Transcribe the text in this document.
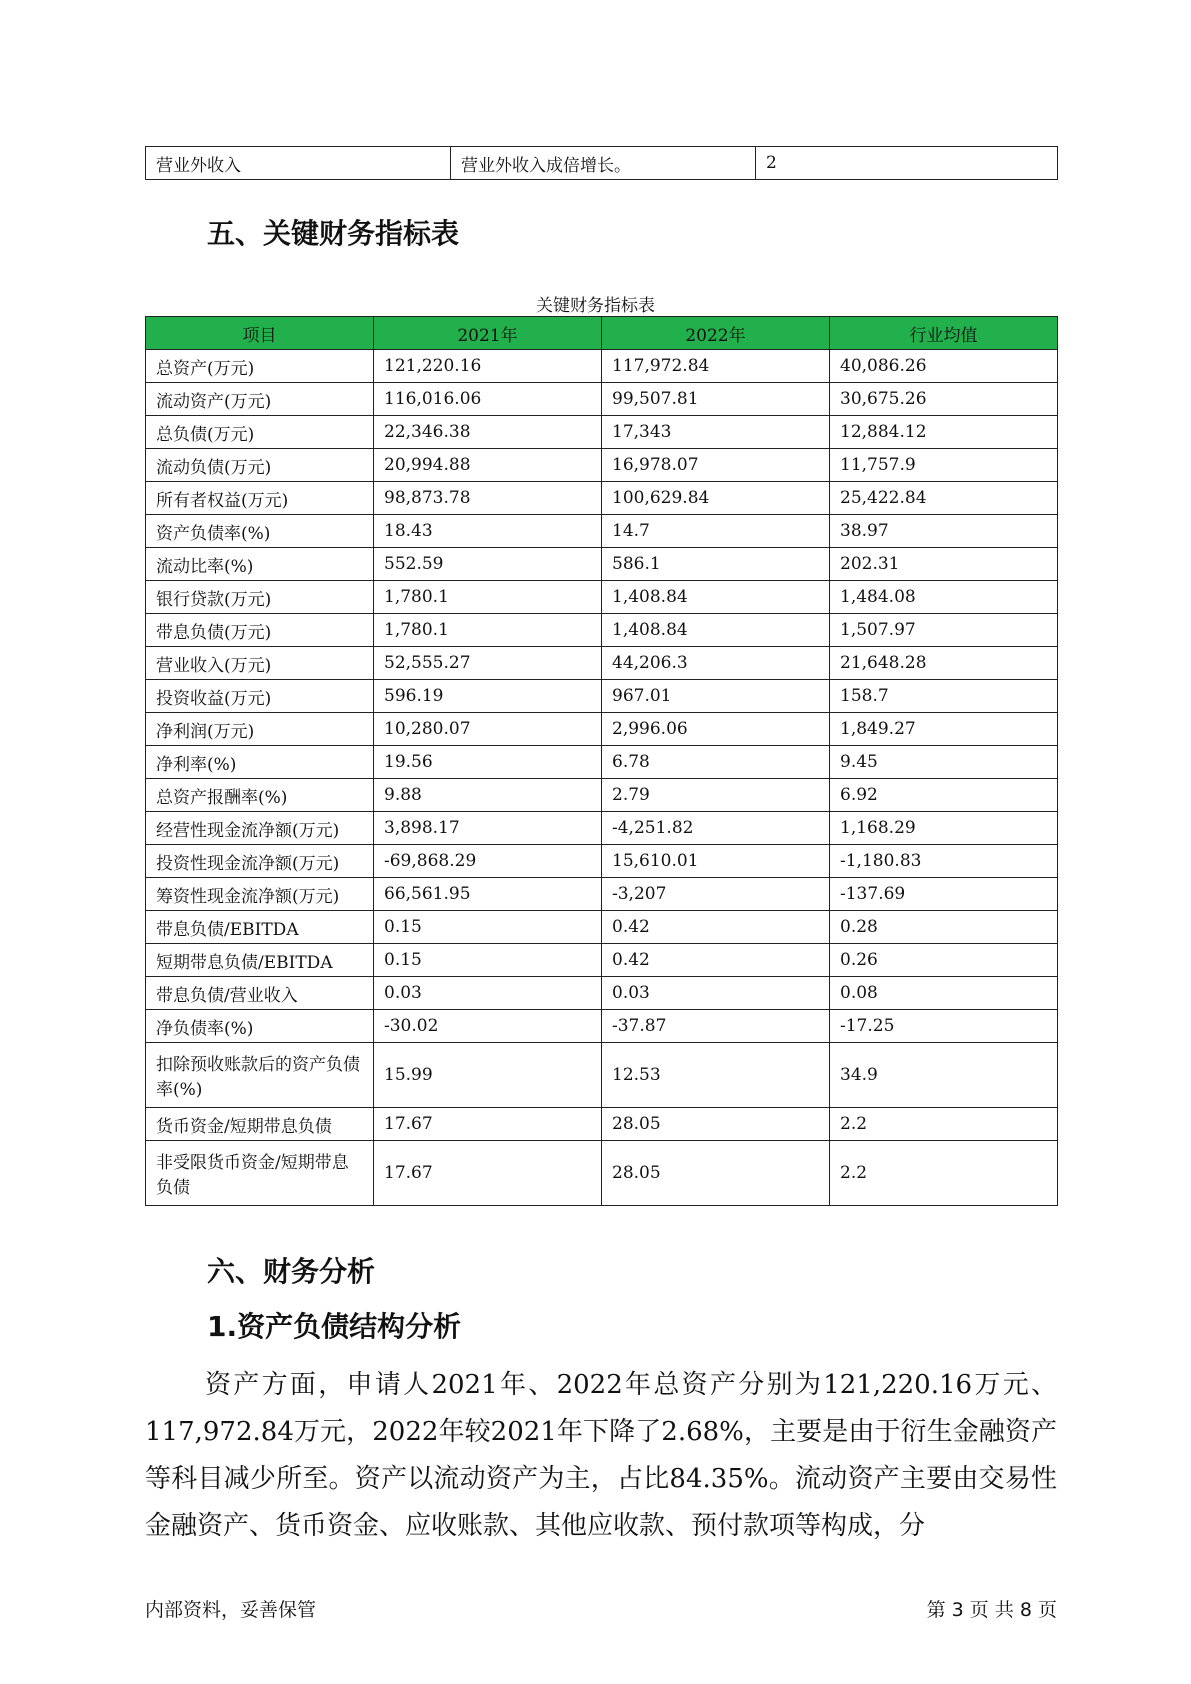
营业外收入	营业外收入成倍增长。	2
五、关键财务指标表
关键财务指标表
项目	2021年	2022年	行业均值
总资产(万元)	121,220.16	117,972.84	40,086.26
流动资产(万元)	116,016.06	99,507.81	30,675.26
总负债(万元)	22,346.38	17,343	12,884.12
流动负债(万元)	20,994.88	16,978.07	11,757.9
所有者权益(万元)	98,873.78	100,629.84	25,422.84
资产负债率(%)	18.43	14.7	38.97
流动比率(%)	552.59	586.1	202.31
银行贷款(万元)	1,780.1	1,408.84	1,484.08
带息负债(万元)	1,780.1	1,408.84	1,507.97
营业收入(万元)	52,555.27	44,206.3	21,648.28
投资收益(万元)	596.19	967.01	158.7
净利润(万元)	10,280.07	2,996.06	1,849.27
净利率(%)	19.56	6.78	9.45
总资产报酬率(%)	9.88	2.79	6.92
经营性现金流净额(万元)	3,898.17	-4,251.82	1,168.29
投资性现金流净额(万元)	-69,868.29	15,610.01	-1,180.83
筹资性现金流净额(万元)	66,561.95	-3,207	-137.69
带息负债/EBITDA	0.15	0.42	0.28
短期带息负债/EBITDA	0.15	0.42	0.26
带息负债/营业收入	0.03	0.03	0.08
净负债率(%)	-30.02	-37.87	-17.25
扣除预收账款后的资产负债率(%)	15.99	12.53	34.9
货币资金/短期带息负债	17.67	28.05	2.2
非受限货币资金/短期带息负债	17.67	28.05	2.2
六、财务分析
1.资产负债结构分析

资产方面，申请人2021年、2022年总资产分别为121,220.16万元、117,972.84万元，2022年较2021年下降了2.68%，主要是由于衍生金融资产等科目减少所至。资产以流动资产为主，占比84.35%。流动资产主要由交易性金融资产、货币资金、应收账款、其他应收款、预付款项等构成，分

内部资料，妥善保管	第 3 页 共 8 页
